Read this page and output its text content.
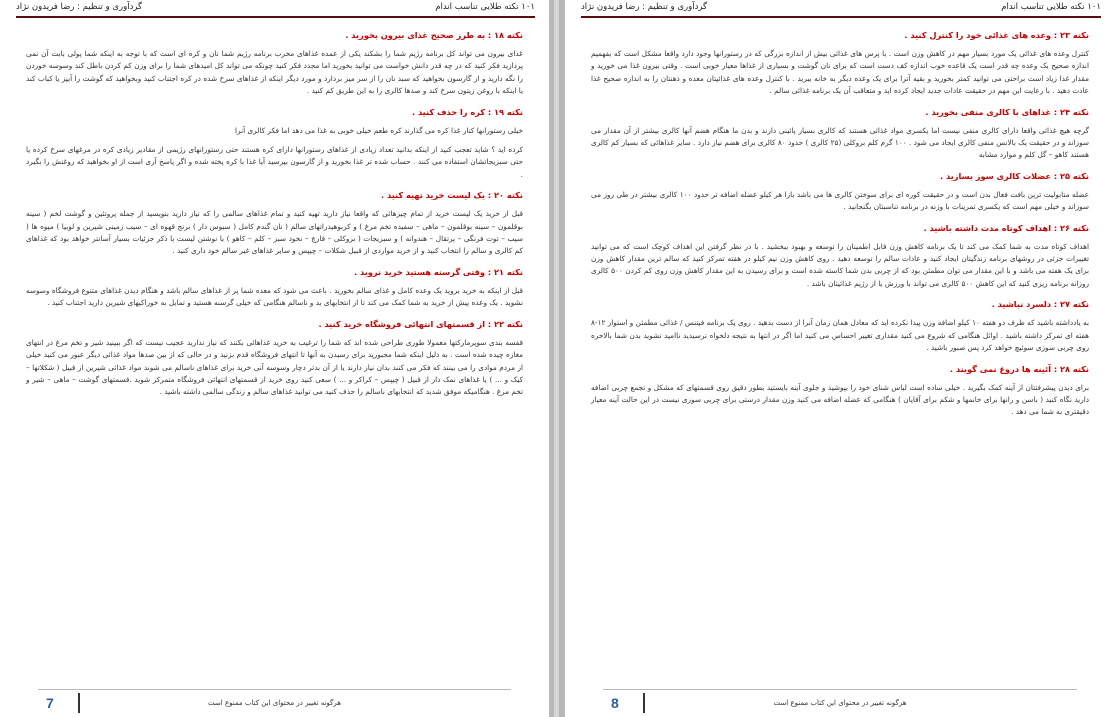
۱۰۱ نکته طلایی تناسب اندام
گردآوری و تنظیم : رضا فریدون نژاد
نکته ۱۸ : به طرز صحیح غذای بیرون بخورید .

غذای بیرون می تواند کل برنامه رژیم شما را بشکند یکی از عمده غذاهای مخرب برنامه رژیم شما نان و کره ای است که با توجه به اینکه شما پولی بابت آن نمی پردازید فکر کنید که در چه قدر دانش خواست می توانید بخورید اما مجدد فکر کنید چونکه می تواند کل امیدهای شما را برای وزن کم کردن باطل کند وسوسه خوردن را نگه دارید و از گارسون بخواهید که سبد نان را از سر میز بردارد و مورد دیگر اینکه از غذاهای سرخ شده در کره اجتناب کنید وبخواهید که گوشت را آبپز یا کباب کند یا اینکه با روغن زیتون سرخ کند و صدها کالری را به این طریق کم کنید .

نکته ۱۹ : کره را حذف کنید .

خیلی رستورانها کنار غذا کره می گذارند کره طعم خیلی خوبی به غذا می دهد اما فکر کالری آنرا

کرده اید ؟ شاید تعجب کنید از اینکه بدانید تعداد زیادی از غذاهای رستورانها دارای کره هستند حتی رستورانهای رژیمی از مقادیر زیادی کره در مرغهای سرخ کرده یا حتی سبزیجاتشان استفاده می کنند . حساب شده تر غذا بخورید و از گارسون بپرسید آیا غذا با کره پخته شده و اگر پاسخ آری است از او بخواهید که روغنش را بگیرد .

نکته ۲۰ : یک لیست خرید تهیه کنید .

قبل از خرید یک لیست خرید از تمام چیزهائی که واقعا نیاز دارید تهیه کنید و تمام غذاهای سالمی را که نیاز دارید بنویسید از جمله پروتئین و گوشت لخم ( سینه بوقلمون – سینه بوقلمون – ماهی – سفیده تخم مرغ ) و کربوهیدراتهای سالم ( نان گندم کامل ( سبوس دار ) برنج قهوه ای – سیب زمینی شیرین و لوبیا ) میوه ها ( سیب – توت فرنگی – پرتقال – هندوانه ) و سبزیجات ( بروکلی – قارچ – نخود سبز – کلم – کاهو ) با نوشتن لیست با ذکر جزئیات بسیار آسانتر خواهد بود که غذاهای کم کالری و سالم را انتخاب کنید و از خرید مواردی از قبیل شکلات – چیپس و سایر غذاهای غیر سالم خود داری کنید .

نکته ۲۱ : وقتی گرسنه هستید خرید نروید .

قبل از اینکه به خرید بروید یک وعده کامل و غذای سالم بخورید . باعث می شود که معده شما پر از غذاهای سالم باشد و هنگام دیدن غذاهای متنوع فروشگاه وسوسه نشوید . یک وعده پیش از خرید به شما کمک می کند تا از انتخابهای بد و ناسالم هنگامی که خیلی گرسنه هستید و تمایل به خوراکیهای شیرین دارید اجتناب کنید .

نکته ۲۲ : از قسمتهای انتهائی فروشگاه خرید کنید .

قفسه بندی سوپرمارکتها معمولا طوری طراحی شده اند که شما را ترغیب به خرید غذاهائی بکنند که نیاز ندارید عجیب نیست که اگر ببینید شیر و تخم مرغ در انتهای مغازه چیده شده است . به دلیل اینکه شما مجبورید برای رسیدن به آنها تا انتهای فروشگاه قدم بزنید و در حالی که از بین صدها مواد غذائی دیگر عبور می کنید خیلی از مردم موادی را می بینند که فکر می کنند بدان نیاز دارند یا از آن بدتر دچار وسوسه آنی خرید برای غذاهای ناسالم می شوند مواد غذائی شیرین از قبیل ( شکلاتها – کیک و ... ) یا غذاهای نمک دار از قبیل ( چیپس – کراکر و ... ) سعی کنید روی خرید از قسمتهای انتهائی فروشگاه متمرکز شوید .قسمتهای گوشت – ماهی – شیر و تخم مرغ . هنگامیکه موفق شدید که انتخابهای ناسالم را حذف کنید می توانید غذاهای سالم و زندگی سالمی داشته باشید .

هرگونه تغییر در محتوای این کتاب ممنوع است
7
۱۰۱ نکته طلایی تناسب اندام
گردآوری و تنظیم : رضا فریدون نژاد
نکته ۲۳ : وعده های غذائی خود را کنترل کنید .

کنترل وعده های غذائی یک مورد بسیار مهم در کاهش وزن است . با پرس های غذائی بیش از اندازه بزرگی که در رستورانها وجود دارد واقعا مشکل است که بفهمیم اندازه صحیح یک وعده چه قدر است یک قاعده خوب اندازه کف دست است که برای نان گوشت و بسیاری از غذاها معیار خوبی است . وقتی بیرون غذا می خورید و مقدار غذا زیاد است براحتی می توانید کمتر بخورید و بقیه آنرا برای یک وعده دیگر به خانه ببرید . با کنترل وعده های غذائیتان معده و ذهنتان را به اندازه صحیح غذا عادت دهید . با رعایت این مهم در حقیقت عادات جدید ایجاد کرده اید و متعاقب آن یک برنامه غذائی سالم .

نکته ۲۴ : غذاهای با کالری منفی بخورید .

گرچه هیچ غذائی واقعا دارای کالری منفی نیست اما یکسری مواد غذائی هستند که کالری بسیار پائینی دارند و بدن ما هنگام هضم آنها کالری بیشتر از آن مقدار می سوزاند و در حقیقت یک بالانس منفی کالری ایجاد می شود . ۱۰۰ گرم کلم بروکلی (۲۵ کالری ) حدود ۸۰ کالری برای هضم نیاز دارد . سایر غذاهائی که بسیار کم کالری هستند کاهو – گل کلم و موارد مشابه

نکته ۲۵ : عضلات کالری سوز بسازید .

عضله متابولیت ترین بافت فعال بدن است و در حقیقت کوره ای برای سوختن کالری ها می باشد بازا هر کیلو عضله اضافه تر حدود ۱۰۰ کالری بیشتر در طی روز می سوزاند و خیلی مهم است که یکسری تمرینات با وزنه در برنامه تناسبتان بگنجانید .

نکته ۲۶ : اهداف کوتاه مدت داشته باشید .

اهداف کوتاه مدت به شما کمک می کند تا یک برنامه کاهش وزن قابل اطمینان را توسعه و بهبود ببخشید . با در نظر گرفتن این اهداف کوچک است که می توانید تغییرات جزئی در روشهای برنامه زندگیتان ایجاد کنید و عادات سالم را توسعه دهید . روی کاهش وزن نیم کیلو در هفته تمرکز کنید که سالم ترین مقدار کاهش وزن برای یک هفته می باشد و با این مقدار می توان مطمئن بود که از چربی بدن شما کاسته شده است و برای رسیدن به این مقدار کاهش وزن روی کم کردن ۵۰۰ کالری روزانه برنامه ریزی کنید که این کاهش ۵۰۰ کالری می تواند با ورزش یا از رژیم غذائیتان باشد .

نکته ۲۷ : دلسرد نباشید .

به یادداشته باشید که ظرف دو هفته ۱۰ کیلو اضافه وزن پیدا نکرده اید که معادل همان زمان آنرا از دست بدهید . روی یک برنامه فیتنس / غذائی مطمئن و استوار ۱۲-۸ هفته ای تمرکز داشته باشید . اوائل هنگامی که شروع می کنید مقداری تغییر احساس می کنید اما اگر در انتها به نتیجه دلخواه نرسیدید ناامید نشوید بدن شما بالاخره روی چربی سوزی سوئیچ خواهد کرد پس صبور باشید .

نکته ۲۸ : آئینه ها دروغ نمی گویند .

برای دیدن پیشرفتتان از آینه کمک بگیرید . خیلی ساده است لباس شنای خود را بپوشید و جلوی آینه بایستید بطور دقیق روی قسمتهای که مشکل و تجمع چربی اضافه دارید نگاه کنید ( باسن و رانها برای خانمها و شکم برای آقایان ) هنگامی که عضله اضافه می کنید وزن مقدار درستی برای چربی سوزی نیست در این حالت آینه معیار دقیقتری به شما می دهد .

هرگونه تغییر در محتوای این کتاب ممنوع است
8
